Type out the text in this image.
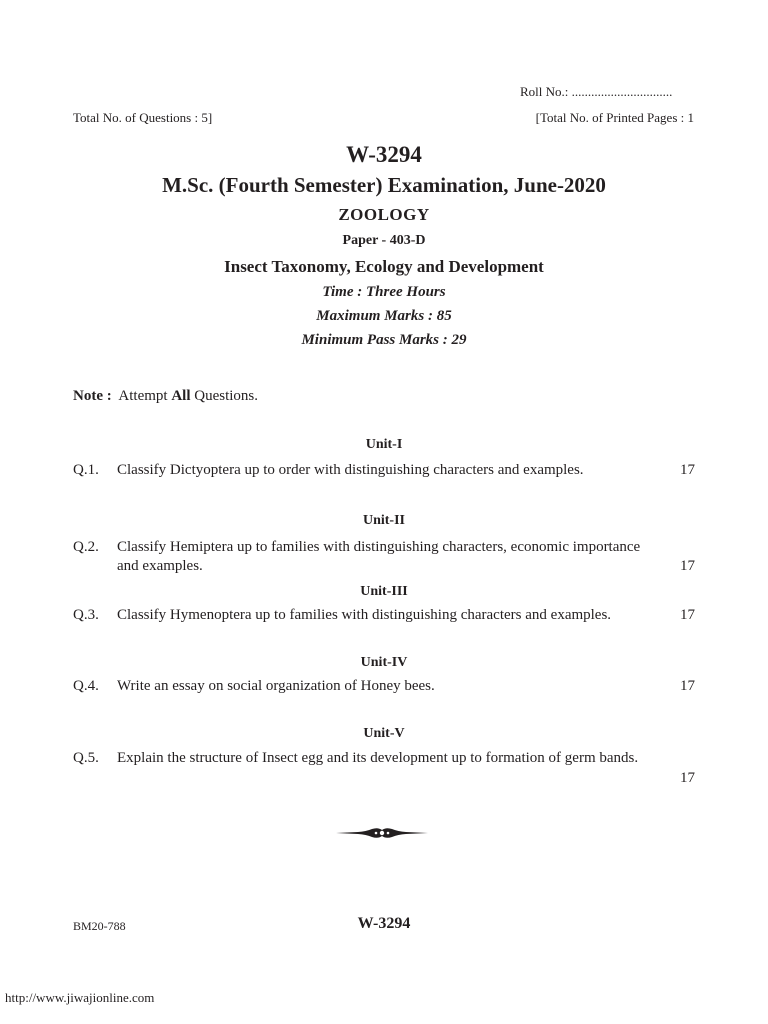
Roll No.: ...............................
Total No. of Questions : 5]	[Total No. of Printed Pages : 1
W-3294
M.Sc. (Fourth Semester) Examination, June-2020
ZOOLOGY
Paper - 403-D
Insect Taxonomy, Ecology and Development
Time : Three Hours
Maximum Marks : 85
Minimum Pass Marks : 29
Note : Attempt All Questions.
Unit-I
Q.1. Classify Dictyoptera up to order with distinguishing characters and examples.	17
Unit-II
Q.2. Classify Hemiptera up to families with distinguishing characters, economic importance and examples.	17
Unit-III
Q.3. Classify Hymenoptera up to families with distinguishing characters and examples.	17
Unit-IV
Q.4. Write an essay on social organization of Honey bees.	17
Unit-V
Q.5. Explain the structure of Insect egg and its development up to formation of germ bands.
17
BM20-788	W-3294
http://www.jiwajionline.com
